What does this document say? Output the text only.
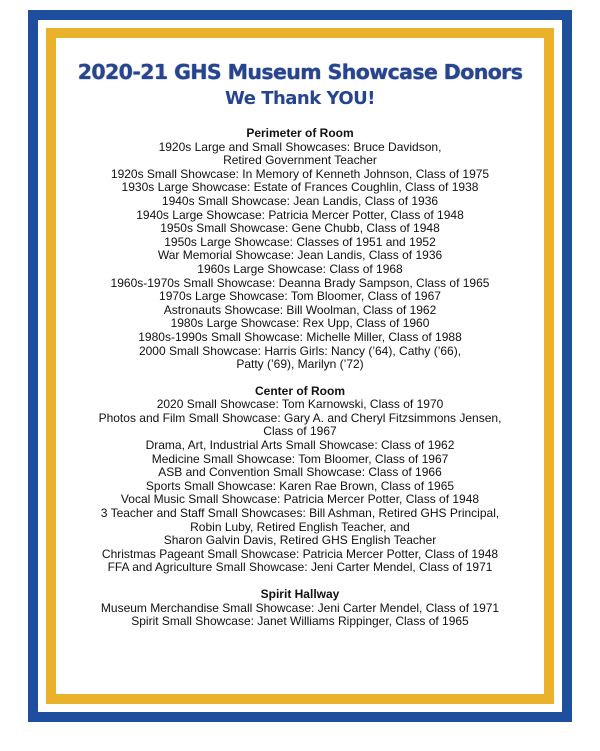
2020-21 GHS Museum Showcase Donors
We Thank YOU!
Perimeter of Room
1920s Large and Small Showcases: Bruce Davidson,
Retired Government Teacher
1920s Small Showcase: In Memory of Kenneth Johnson, Class of 1975
1930s Large Showcase: Estate of Frances Coughlin, Class of 1938
1940s Small Showcase: Jean Landis, Class of 1936
1940s Large Showcase: Patricia Mercer Potter, Class of 1948
1950s Small Showcase: Gene Chubb, Class of 1948
1950s Large Showcase: Classes of 1951 and 1952
War Memorial Showcase: Jean Landis, Class of 1936
1960s Large Showcase: Class of 1968
1960s-1970s Small Showcase: Deanna Brady Sampson, Class of 1965
1970s Large Showcase: Tom Bloomer, Class of 1967
Astronauts Showcase: Bill Woolman, Class of 1962
1980s Large Showcase: Rex Upp, Class of 1960
1980s-1990s Small Showcase: Michelle Miller, Class of 1988
2000 Small Showcase: Harris Girls: Nancy (’64), Cathy (’66),
Patty (’69), Marilyn (’72)
Center of Room
2020 Small Showcase: Tom Karnowski, Class of 1970
Photos and Film Small Showcase: Gary A. and Cheryl Fitzsimmons Jensen,
Class of 1967
Drama, Art, Industrial Arts Small Showcase: Class of 1962
Medicine Small Showcase: Tom Bloomer, Class of 1967
ASB and Convention Small Showcase: Class of 1966
Sports Small Showcase: Karen Rae Brown, Class of 1965
Vocal Music Small Showcase: Patricia Mercer Potter, Class of 1948
3 Teacher and Staff Small Showcases: Bill Ashman, Retired GHS Principal,
Robin Luby, Retired English Teacher, and
Sharon Galvin Davis, Retired GHS English Teacher
Christmas Pageant Small Showcase: Patricia Mercer Potter, Class of 1948
FFA and Agriculture Small Showcase: Jeni Carter Mendel, Class of 1971
Spirit Hallway
Museum Merchandise Small Showcase: Jeni Carter Mendel, Class of 1971
Spirit Small Showcase: Janet Williams Rippinger, Class of 1965
